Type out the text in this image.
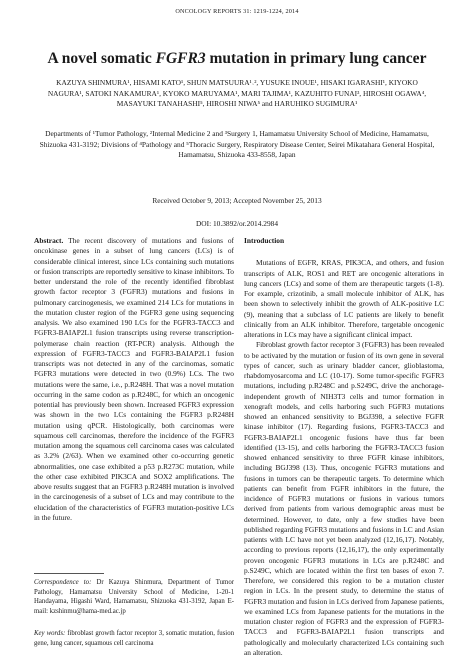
ONCOLOGY REPORTS 31: 1219-1224, 2014
A novel somatic FGFR3 mutation in primary lung cancer
KAZUYA SHINMURA¹, HISAMI KATO¹, SHUN MATSUURA¹˒², YUSUKE INOUE¹, HISAKI IGARASHI¹, KIYOKO NAGURA¹, SATOKI NAKAMURA¹, KYOKO MARUYAMA¹, MARI TAJIMA¹, KAZUHITO FUNAI³, HIROSHI OGAWA⁴, MASAYUKI TANAHASHI⁵, HIROSHI NIWA⁵ and HARUHIKO SUGIMURA¹
Departments of ¹Tumor Pathology, ²Internal Medicine 2 and ³Surgery 1, Hamamatsu University School of Medicine, Hamamatsu, Shizuoka 431-3192; Divisions of ⁴Pathology and ⁵Thoracic Surgery, Respiratory Disease Center, Seirei Mikatahara General Hospital, Hamamatsu, Shizuoka 433-8558, Japan
Received October 9, 2013; Accepted November 25, 2013
DOI: 10.3892/or.2014.2984

Abstract. The recent discovery of mutations and fusions of oncokinase genes in a subset of lung cancers (LCs) is of considerable clinical interest, since LCs containing such mutations or fusion transcripts are reportedly sensitive to kinase inhibitors. To better understand the role of the recently identified fibroblast growth factor receptor 3 (FGFR3) mutations and fusions in pulmonary carcinogenesis, we examined 214 LCs for mutations in the mutation cluster region of the FGFR3 gene using sequencing analysis. We also examined 190 LCs for the FGFR3-TACC3 and FGFR3-BAIAP2L1 fusion transcripts using reverse transcription-polymerase chain reaction (RT-PCR) analysis. Although the expression of FGFR3-TACC3 and FGFR3-BAIAP2L1 fusion transcripts was not detected in any of the carcinomas, somatic FGFR3 mutations were detected in two (0.9%) LCs. The two mutations were the same, i.e., p.R248H. That was a novel mutation occurring in the same codon as p.R248C, for which an oncogenic potential has previously been shown. Increased FGFR3 expression was shown in the two LCs containing the FGFR3 p.R248H mutation using qPCR. Histologically, both carcinomas were squamous cell carcinomas, therefore the incidence of the FGFR3 mutation among the squamous cell carcinoma cases was calculated as 3.2% (2/63). When we examined other co-occurring genetic abnormalities, one case exhibited a p53 p.R273C mutation, while the other case exhibited PIK3CA and SOX2 amplifications. The above results suggest that an FGFR3 p.R248H mutation is involved in the carcinogenesis of a subset of LCs and may contribute to the elucidation of the characteristics of FGFR3 mutation-positive LCs in the future.

Correspondence to: Dr Kazuya Shinmura, Department of Tumor Pathology, Hamamatsu University School of Medicine, 1-20-1 Handayama, Higashi Ward, Hamamatsu, Shizuoka 431-3192, Japan E-mail: kzshinmu@hama-med.ac.jp
Key words: fibroblast growth factor receptor 3, somatic mutation, fusion gene, lung cancer, squamous cell carcinoma
Introduction

Mutations of EGFR, KRAS, PIK3CA, and others, and fusion transcripts of ALK, ROS1 and RET are oncogenic alterations in lung cancers (LCs) and some of them are therapeutic targets (1-8). For example, crizotinib, a small molecule inhibitor of ALK, has been shown to selectively inhibit the growth of ALK-positive LC (9), meaning that a subclass of LC patients are likely to benefit clinically from an ALK inhibitor. Therefore, targetable oncogenic alterations in LCs may have a significant clinical impact.

Fibroblast growth factor receptor 3 (FGFR3) has been revealed to be activated by the mutation or fusion of its own gene in several types of cancer, such as urinary bladder cancer, glioblastoma, rhabdomyosarcoma and LC (10-17). Some tumor-specific FGFR3 mutations, including p.R248C and p.S249C, drive the anchorage-independent growth of NIH3T3 cells and tumor formation in xenograft models, and cells harboring such FGFR3 mutations showed an enhanced sensitivity to BGJ398, a selective FGFR kinase inhibitor (17). Regarding fusions, FGFR3-TACC3 and FGFR3-BAIAP2L1 oncogenic fusions have thus far been identified (13-15), and cells harboring the FGFR3-TACC3 fusion showed enhanced sensitivity to three FGFR kinase inhibitors, including BGJ398 (13). Thus, oncogenic FGFR3 mutations and fusions in tumors can be therapeutic targets. To determine which patients can benefit from FGFR inhibitors in the future, the incidence of FGFR3 mutations or fusions in various tumors derived from patients from various demographic areas must be determined. However, to date, only a few studies have been published regarding FGFR3 mutations and fusions in LC and Asian patients with LC have not yet been analyzed (12,16,17). Notably, according to previous reports (12,16,17), the only experimentally proven oncogenic FGFR3 mutations in LCs are p.R248C and p.S249C, which are located within the first ten bases of exon 7. Therefore, we considered this region to be a mutation cluster region in LCs. In the present study, to determine the status of FGFR3 mutation and fusion in LCs derived from Japanese patients, we examined LCs from Japanese patients for the mutations in the mutation cluster region of FGFR3 and the expression of FGFR3-TACC3 and FGFR3-BAIAP2L1 fusion transcripts and pathologically and molecularly characterized LCs containing such an alteration.
